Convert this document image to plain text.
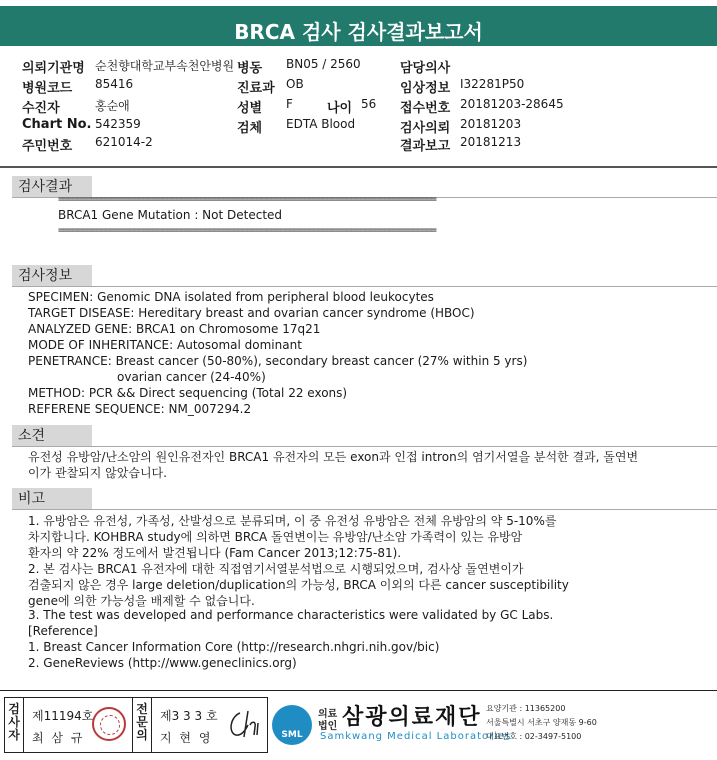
BRCA 검사 검사결과보고서
의뢰기관명 순천향대학교부속천안병원 병동 BN05 / 2560	담당의사
병원코드 85416	진료과 OB	임상정보 I32281P50
수진자	홍순애	성별 F	나이 56 접수번호 20181203-28645
Chart No. 542359	검체 EDTA Blood	검사의뢰 20181203
주민번호 621014-2	결과보고 20181213
검사결과
================================================================================
BRCA1 Gene Mutation : Not Detected
================================================================================
검사정보
SPECIMEN: Genomic DNA isolated from peripheral blood leukocytes
TARGET DISEASE: Hereditary breast and ovarian cancer syndrome (HBOC)
ANALYZED GENE: BRCA1 on Chromosome 17q21
MODE OF INHERITANCE: Autosomal dominant
PENETRANCE: Breast cancer (50-80%), secondary breast cancer (27% within 5 yrs)
ovarian cancer (24-40%)
METHOD: PCR && Direct sequencing (Total 22 exons)
REFERENE SEQUENCE: NM_007294.2
소견
유전성 유방암/난소암의 원인유전자인 BRCA1 유전자의 모든 exon과 인접 intron의 염기서열을 분석한 결과, 돌연변
이가 관찰되지 않았습니다.
비고
1. 유방암은 유전성, 가족성, 산발성으로 분류되며, 이 중 유전성 유방암은 전체 유방암의 약 5-10%를
차지합니다. KOHBRA study에 의하면 BRCA 돌연변이는 유방암/난소암 가족력이 있는 유방암
환자의 약 22% 정도에서 발견됩니다 (Fam Cancer 2013;12:75-81).
2. 본 검사는 BRCA1 유전자에 대한 직접염기서열분석법으로 시행되었으며, 검사상 돌연변이가
검출되지 않은 경우 large deletion/duplication의 가능성, BRCA 이외의 다른 cancer susceptibility
gene에 의한 가능성을 배제할 수 없습니다.
3. The test was developed and performance characteristics were validated by GC Labs.
[Reference]
1. Breast Cancer Information Core (http://research.nhgri.nih.gov/bic)
2. GeneReviews (http://www.geneclinics.org)
검사자
제11194호
최 삼 규
전문의
제3 3 3 호
지 현 영	SML
의료
법인 삼광의료재단
Samkwang Medical Laboratories
요양기관 : 11365200
서울특별시 서초구 양재동 9-60
대표번호 : 02-3497-5100
